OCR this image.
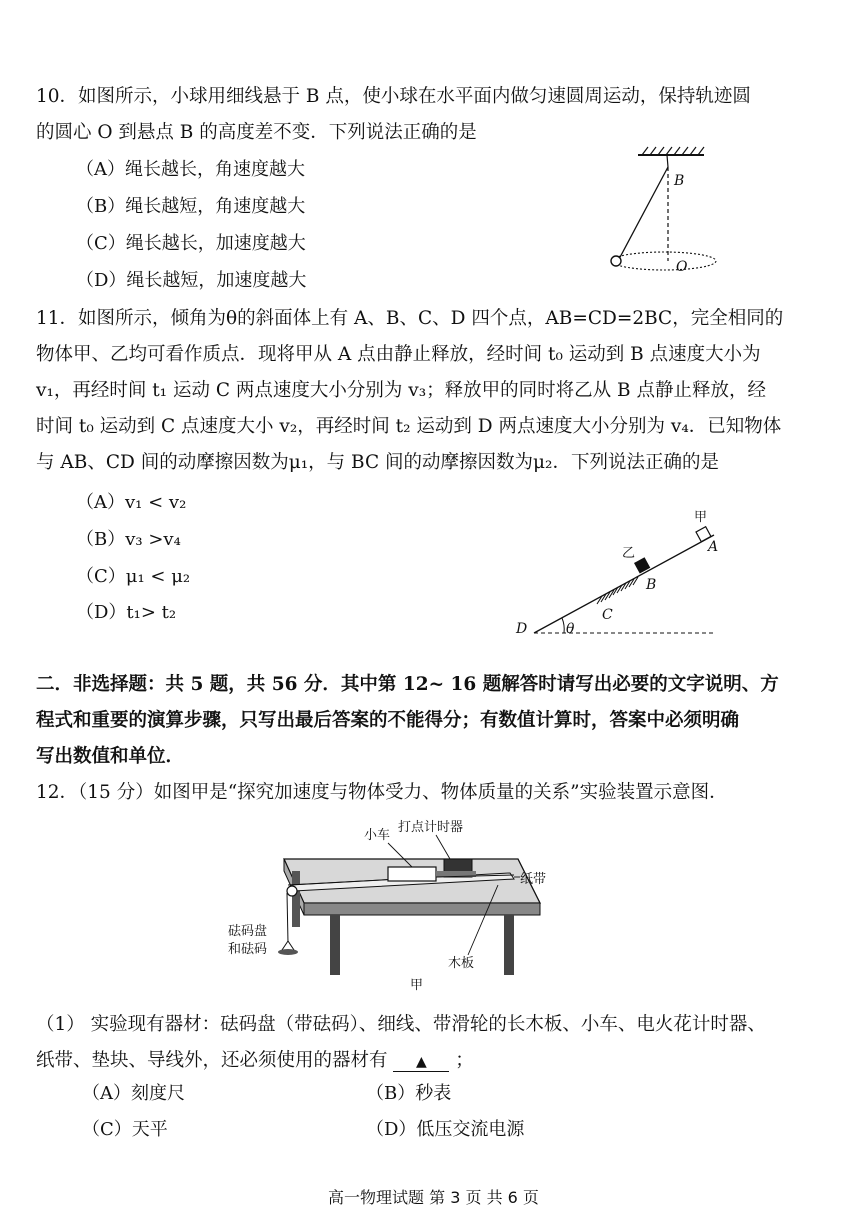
10．如图所示，小球用细线悬于 B 点，使小球在水平面内做匀速圆周运动，保持轨迹圆
的圆心 O 到悬点 B 的高度差不变．下列说法正确的是
（A）绳长越长，角速度越大
（B）绳长越短，角速度越大
（C）绳长越长，加速度越大
（D）绳长越短，加速度越大
B
O
11．如图所示，倾角为θ的斜面体上有 A、B、C、D 四个点，AB=CD=2BC，完全相同的
物体甲、乙均可看作质点．现将甲从 A 点由静止释放，经时间 t₀ 运动到 B 点速度大小为
v₁，再经时间 t₁ 运动 C 两点速度大小分别为 v₃；释放甲的同时将乙从 B 点静止释放，经
时间 t₀ 运动到 C 点速度大小 v₂，再经时间 t₂ 运动到 D 两点速度大小分别为 v₄．已知物体
与 AB、CD 间的动摩擦因数为μ₁，与 BC 间的动摩擦因数为μ₂．下列说法正确的是
（A）v₁ < v₂
（B）v₃ >v₄
（C）μ₁ < μ₂
（D）t₁> t₂
甲
乙	A
B
C
D	θ
二．非选择题：共 5 题，共 56 分．其中第 12~ 16 题解答时请写出必要的文字说明、方
程式和重要的演算步骤，只写出最后答案的不能得分；有数值计算时，答案中必须明确
写出数值和单位．
12．（15 分）如图甲是“探究加速度与物体受力、物体质量的关系”实验装置示意图．
小车
打点计时器
纸带
砝码盘
和砝码
木板
甲
（1） 实验现有器材：砝码盘（带砝码）、细线、带滑轮的长木板、小车、电火花计时器、
纸带、垫块、导线外，还必须使用的器材有 ▲ ；
（A）刻度尺	（B）秒表
（C）天平	（D）低压交流电源
高一物理试题 第 3 页 共 6 页
